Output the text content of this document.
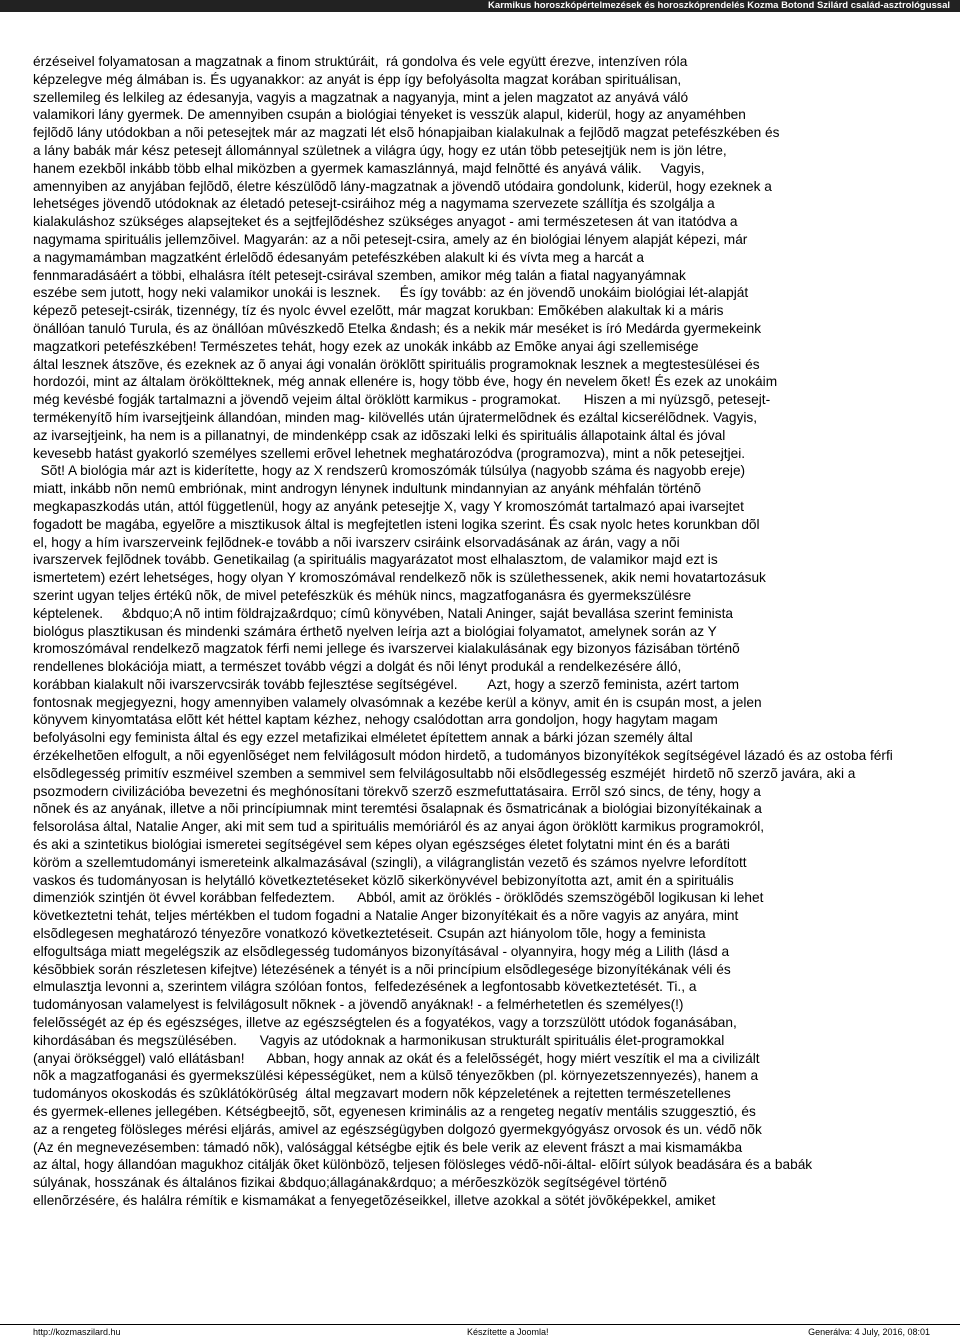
Karmikus horoszkópértelmezések és horoszkóprendelés Kozma Botond Szilárd család-asztrológussal
érzéseivel folyamatosan a magzatnak a finom struktúráit,  rá gondolva és vele együtt érezve, intenzíven róla
képzelegve még álmában is. És ugyanakkor: az anyát is épp így befolyásolta magzat korában spirituálisan,
szellemileg és lelkileg az édesanyja, vagyis a magzatnak a nagyanyja, mint a jelen magzatot az anyává váló
valamikori lány gyermek. De amennyiben csupán a biológiai tényeket is vesszük alapul, kiderül, hogy az anyaméhben
fejlõdõ lány utódokban a nõi petesejtek már az magzati lét elsõ hónapjaiban kialakulnak a fejlõdõ magzat petefészkében és
a lány babák már kész petesejt állománnyal születnek a világra úgy, hogy ez után több petesejtjük nem is jön létre,
hanem ezekbõl inkább több elhal miközben a gyermek kamaszlánnyá, majd felnõtté és anyává válik.     Vagyis,
amennyiben az anyjában fejlõdõ, életre készülõdõ lány-magzatnak a jövendõ utódaira gondolunk, kiderül, hogy ezeknek a
lehetséges jövendõ utódoknak az életadó petesejt-csiráihoz még a nagymama szervezete szállítja és szolgálja a
kialakuláshoz szükséges alapsejteket és a sejtfejlõdéshez szükséges anyagot - ami természetesen át van itatódva a
nagymama spirituális jellemzõivel. Magyarán: az a nõi petesejt-csira, amely az én biológiai lényem alapját képezi, már
a nagymamámban magzatként érlelõdõ édesanyám petefészkében alakult ki és vívta meg a harcát a
fennmaradásáért a többi, elhalásra ítélt petesejt-csirával szemben, amikor még talán a fiatal nagyanyámnak
eszébe sem jutott, hogy neki valamikor unokái is lesznek.     És így tovább: az én jövendõ unokáim biológiai lét-alapját
képezõ petesejt-csirák, tizennégy, tíz és nyolc évvel ezelõtt, már magzat korukban: Emõkében alakultak ki a máris
önállóan tanuló Turula, és az önállóan mûvészkedõ Etelka &ndash; és a nekik már meséket is író Medárda gyermekeink
magzatkori petefészkében! Természetes tehát, hogy ezek az unokák inkább az Emõke anyai ági szellemisége
által lesznek átszõve, és ezeknek az õ anyai ági vonalán öröklõtt spirituális programoknak lesznek a megtestesülései és
hordozói, mint az általam örököltteknek, még annak ellenére is, hogy több éve, hogy én nevelem õket! És ezek az unokáim
még kevésbé fogják tartalmazni a jövendõ vejeim által öröklött karmikus - programokat.      Hiszen a mi nyüzsgõ, petesejt-
termékenyítõ hím ivarsejtjeink állandóan, minden mag- kilövellés után újratermelõdnek és ezáltal kicserélõdnek. Vagyis,
az ivarsejtjeink, ha nem is a pillanatnyi, de mindenképp csak az idõszaki lelki és spirituális állapotaink által és jóval
kevesebb hatást gyakorló személyes szellemi erõvel lehetnek meghatározódva (programozva), mint a nõk petesejtjei.
Sõt! A biológia már azt is kiderítette, hogy az X rendszerû kromoszómák túlsúlya (nagyobb száma és nagyobb ereje)
miatt, inkább nõn nemû embriónak, mint androgyn lénynek indultunk mindannyian az anyánk méhfalán történõ
megkapaszkodás után, attól függetlenül, hogy az anyánk petesejtje X, vagy Y kromoszómát tartalmazó apai ivarsejtet
fogadott be magába, egyelõre a misztikusok által is megfejtetlen isteni logika szerint. És csak nyolc hetes korunkban dõl
el, hogy a hím ivarszerveink fejlõdnek-e tovább a nõi ivarszerv csiráink elsorvadásának az árán, vagy a nõi
ivarszervek fejlõdnek tovább. Genetikailag (a spirituális magyarázatot most elhalasztom, de valamikor majd ezt is
ismertetem) ezért lehetséges, hogy olyan Y kromoszómával rendelkezõ nõk is születhessenek, akik nemi hovatartozásuk
szerint ugyan teljes értékû nõk, de mivel petefészkük és méhük nincs, magzatfoganásra és gyermekszülésre
képtelenek.     &bdquo;A nõ intim földrajza&rdquo; címû könyvében, Natali Aninger, saját bevallása szerint feminista
biológus plasztikusan és mindenki számára érthetõ nyelven leírja azt a biológiai folyamatot, amelynek során az Y
kromoszómával rendelkezõ magzatok férfi nemi jellege és ivarszervei kialakulásának egy bizonyos fázisában történõ
rendellenes blokációja miatt, a természet tovább végzi a dolgát és nõi lényt produkál a rendelkezésére álló,
korábban kialakult nõi ivarszervcsirák tovább fejlesztése segítségével.        Azt, hogy a szerzõ feminista, azért tartom
fontosnak megjegyezni, hogy amennyiben valamely olvasómnak a kezébe kerül a könyv, amit én is csupán most, a jelen
könyvem kinyomtatása elõtt két héttel kaptam kézhez, nehogy csalódottan arra gondoljon, hogy hagytam magam
befolyásolni egy feminista által és egy ezzel metafizikai elméletet építettem annak a bárki józan személy által
érzékelhetõen elfogult, a nõi egyenlõséget nem felvilágosult módon hirdetõ, a tudományos bizonyítékok segítségével lázadó és az ostoba férfi
elsõdlegesség primitív eszméivel szemben a semmivel sem felvilágosultabb nõi elsõdlegesség eszméjét  hirdetõ nõ szerzõ javára, aki a
psozmodern civilizációba bevezetni és meghónosítani törekvõ szerzõ eszmefuttatásaira. Errõl szó sincs, de tény, hogy a
nõnek és az anyának, illetve a nõi princípiumnak mint teremtési õsalapnak és õsmatricának a biológiai bizonyítékainak a
felsorolása által, Natalie Anger, aki mit sem tud a spirituális memóriáról és az anyai ágon öröklött karmikus programokról,
és aki a szintetikus biológiai ismeretei segítségével sem képes olyan egészséges életet folytatni mint én és a baráti
köröm a szellemtudományi ismereteink alkalmazásával (szingli), a világranglistán vezetõ és számos nyelvre lefordított
vaskos és tudományosan is helytálló következtetéseket közlõ sikerkönyvével bebizonyította azt, amit én a spirituális
dimenziók szintjén öt évvel korábban felfedeztem.      Abból, amit az öröklés - öröklõdés szemszögébõl logikusan ki lehet
következtetni tehát, teljes mértékben el tudom fogadni a Natalie Anger bizonyítékait és a nõre vagyis az anyára, mint
elsõdlegesen meghatározó tényezõre vonatkozó következtetéseit. Csupán azt hiányolom tõle, hogy a feminista
elfogultsága miatt megelégszik az elsõdlegesség tudományos bizonyításával - olyannyira, hogy még a Lilith (lásd a
késõbbiek során részletesen kifejtve) létezésének a tényét is a nõi princípium elsõdlegesége bizonyítékának véli és
elmulasztja levonni a, szerintem világra szólóan fontos,  felfedezésének a legfontosabb következtetését. Ti., a
tudományosan valamelyest is felvilágosult nõknek - a jövendõ anyáknak! - a felmérhetetlen és személyes(!)
felelõsségét az ép és egészséges, illetve az egészségtelen és a fogyatékos, vagy a torzszülött utódok foganásában,
kihordásában és megszülésében.      Vagyis az utódoknak a harmonikusan strukturált spirituális élet-programokkal
(anyai örökséggel) való ellátásban!      Abban, hogy annak az okát és a felelõsségét, hogy miért veszítik el ma a civilizált
nõk a magzatfoganási és gyermekszülési képességüket, nem a külsõ tényezõkben (pl. környezetszennyezés), hanem a
tudományos okoskodás és szûklátókörûség  által megzavart modern nõk képzeletének a rejtetten természetellenes
és gyermek-ellenes jellegében. Kétségbeejtõ, sõt, egyenesen kriminális az a rengeteg negatív mentális szuggesztió, és
az a rengeteg fölösleges mérési eljárás, amivel az egészségügyben dolgozó gyermekgyógyász orvosok és un. védõ nõk
(Az én megnevezésemben: támadó nõk), valósággal kétségbe ejtik és bele verik az elevent frászt a mai kismamákba
az által, hogy állandóan magukhoz citálják õket különbözõ, teljesen fölösleges védõ-nõi-által- elõírt súlyok beadására és a babák
súlyának, hosszának és általános fizikai &bdquo;állagának&rdquo; a mérõeszközök segítségével történõ
ellenõrzésére, és halálra rémítik e kismamákat a fenyegetõzéseikkel, illetve azokkal a sötét jövõképekkel, amiket
http://kozmaszilard.hu	Készítette a Joomla!	Generálva: 4 July, 2016, 08:01
